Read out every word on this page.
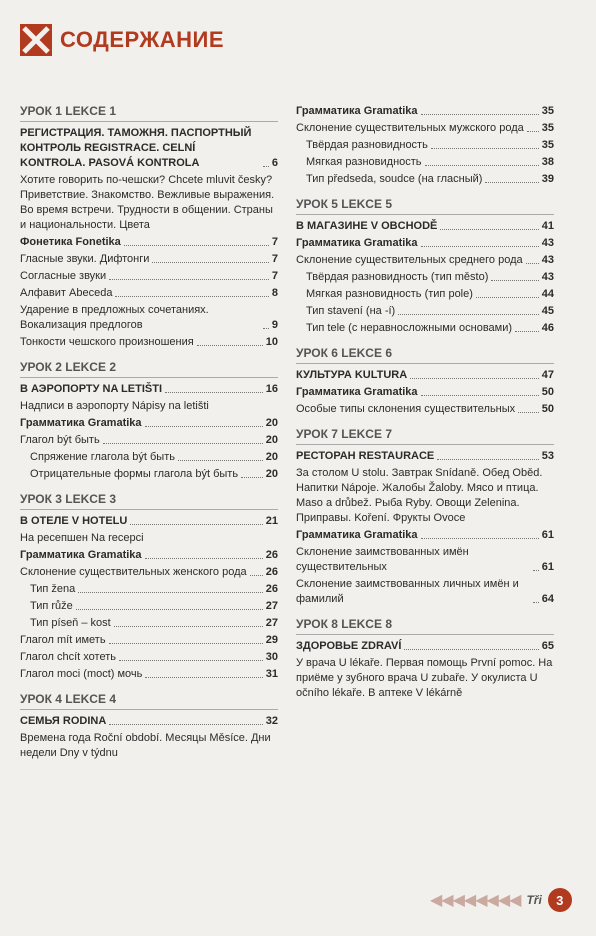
СОДЕРЖАНИЕ
УРОК 1 LEKCE 1
РЕГИСТРАЦИЯ. ТАМОЖНЯ. ПАСПОРТНЫЙ КОНТРОЛЬ REGISTRACE. CELNÍ KONTROLA. PASOVÁ KONTROLA	6
Хотите говорить по-чешски? Chcete mluvit česky? Приветствие. Знакомство. Вежливые выражения. Во время встречи. Трудности в общении. Страны и национальности. Цвета
Фонетика Fonetika	7
Гласные звуки. Дифтонги	7
Согласные звуки	7
Алфавит Abeceda	8
Ударение в предложных сочетаниях. Вокализация предлогов	9
Тонкости чешского произношения	10
УРОК 2 LEKCE 2
В АЭРОПОРТУ NA LETIŠTI	16
Надписи в аэропорту Nápisy na letišti
Грамматика Gramatika	20
Глагол být быть	20
Спряжение глагола být быть	20
Отрицательные формы глагола být быть	20
УРОК 3 LEKCE 3
В ОТЕЛЕ V HOTELU	21
На ресепшен Na recepci
Грамматика Gramatika	26
Склонение существительных женского рода 26
Тип žena	26
Тип růže	27
Тип píseň – kost	27
Глагол mít иметь	29
Глагол chcít хотеть	30
Глагол moci (moct) мочь	31
УРОК 4 LEKCE 4
СЕМЬЯ RODINA	32
Времена года Roční období. Месяцы Měsíce. Дни недели Dny v týdnu
Грамматика Gramatika	35
Склонение существительных мужского рода 35
Твёрдая разновидность	35
Мягкая разновидность	38
Тип předseda, soudce (на гласный)	39
УРОК 5 LEKCE 5
В МАГАЗИНЕ V OBCHODĚ	41
Грамматика Gramatika	43
Склонение существительных среднего рода 43
Твёрдая разновидность (тип město)	43
Мягкая разновидность (тип pole)	44
Тип stavení (на -í)	45
Тип tele (с неравносложными основами)	46
УРОК 6 LEKCE 6
КУЛЬТУРА KULTURA	47
Грамматика Gramatika	50
Особые типы склонения существительных 50
УРОК 7 LEKCE 7
РЕСТОРАН RESTAURACE	53
За столом U stolu. Завтрак Snídaně. Обед Oběd. Напитки Nápoje. Жалобы Žaloby. Мясо и птица. Maso a drůbež. Рыба Ryby. Овощи Zelenina. Приправы. Koření. Фрукты Ovoce
Грамматика Gramatika	61
Склонение заимствованных имён существительных	61
Склонение заимствованных личных имён и фамилий	64
УРОК 8 LEKCE 8
ЗДОРОВЬЕ ZDRAVÍ	65
У врача U lékaře. Первая помощь První pomoc. На приёме у зубного врача U zubaře. У окулиста U očního lékaře. В аптеке V lékárně
◀◀◀◀◀◀◀◀ Tři	3
